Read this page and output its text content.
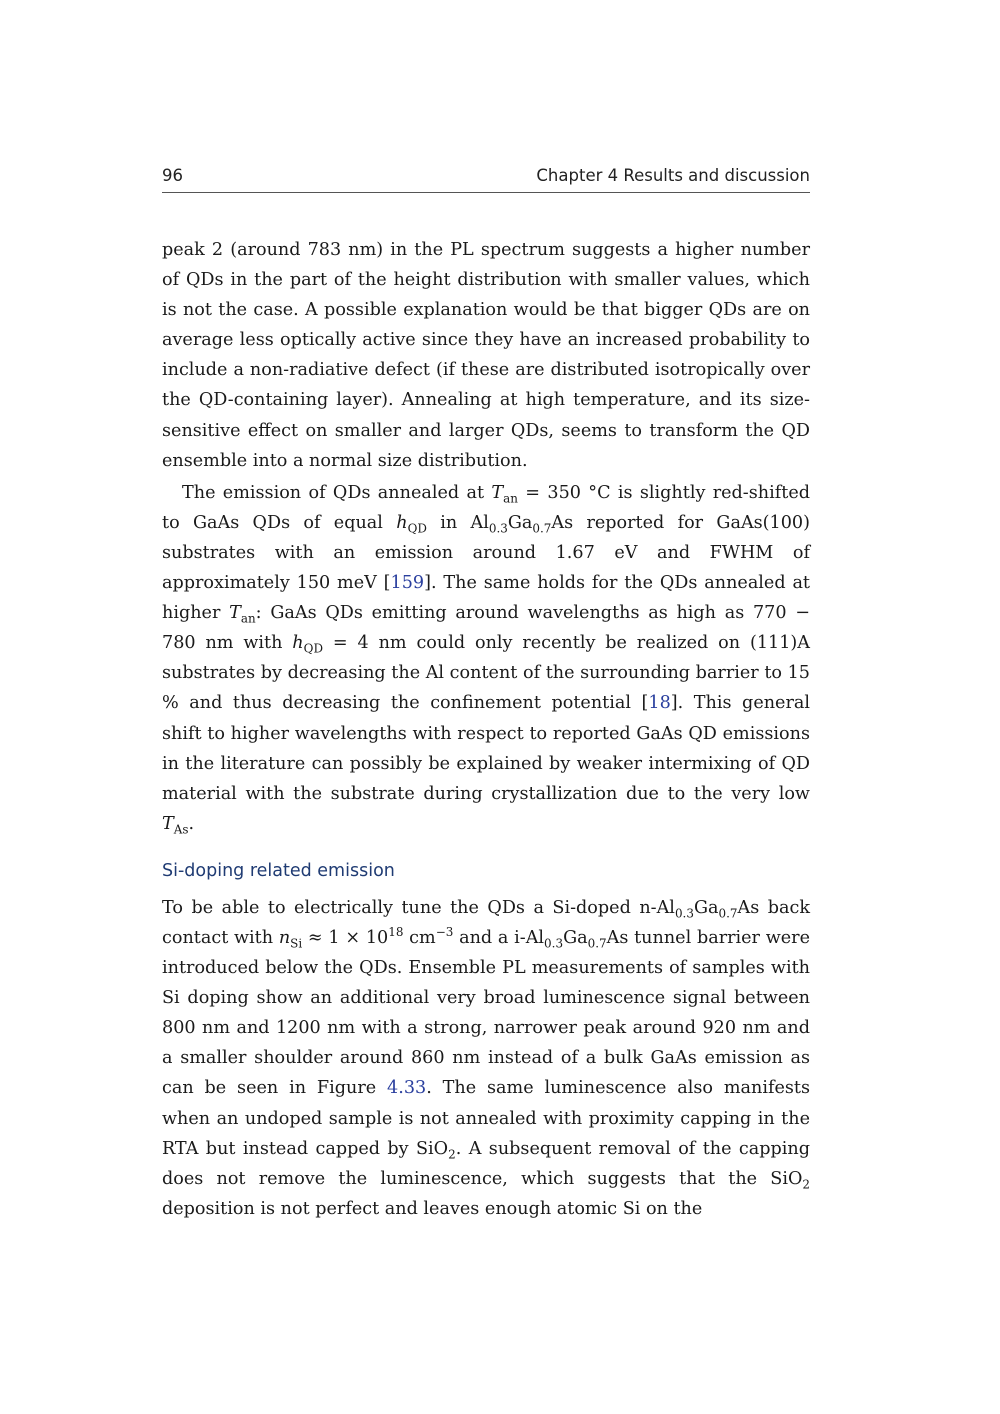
96	Chapter 4 Results and discussion

peak 2 (around 783 nm) in the PL spectrum suggests a higher number of QDs in the part of the height distribution with smaller values, which is not the case. A possible explanation would be that bigger QDs are on average less optically active since they have an increased probability to include a non-radiative defect (if these are distributed isotropically over the QD-containing layer). Annealing at high temperature, and its size-sensitive effect on smaller and larger QDs, seems to transform the QD ensemble into a normal size distribution.

The emission of QDs annealed at $T_{an} = 350$ °C is slightly red-shifted to GaAs QDs of equal $h_{QD}$ in $Al_{0.3}Ga_{0.7}As$ reported for GaAs(100) substrates with an emission around 1.67 eV and FWHM of approximately 150 meV [159]. The same holds for the QDs annealed at higher $T_{an}$: GaAs QDs emitting around wavelengths as high as 770 − 780 nm with $h_{QD} = 4$ nm could only recently be realized on (111)A substrates by decreasing the Al content of the surrounding barrier to 15 % and thus decreasing the confinement potential [18]. This general shift to higher wavelengths with respect to reported GaAs QD emissions in the literature can possibly be explained by weaker intermixing of QD material with the substrate during crystallization due to the very low $T_{As}$.

Si-doping related emission

To be able to electrically tune the QDs a Si-doped $n-Al_{0.3}Ga_{0.7}As$ back contact with $n_{Si} \approx 1 \times 10^{18}$ $cm^{-3}$ and a $i-Al_{0.3}Ga_{0.7}As$ tunnel barrier were introduced below the QDs. Ensemble PL measurements of samples with Si doping show an additional very broad luminescence signal between 800 nm and 1200 nm with a strong, narrower peak around 920 nm and a smaller shoulder around 860 nm instead of a bulk GaAs emission as can be seen in Figure 4.33. The same luminescence also manifests when an undoped sample is not annealed with proximity capping in the RTA but instead capped by SiO$_2$. A subsequent removal of the capping does not remove the luminescence, which suggests that the SiO$_2$ deposition is not perfect and leaves enough atomic Si on the
